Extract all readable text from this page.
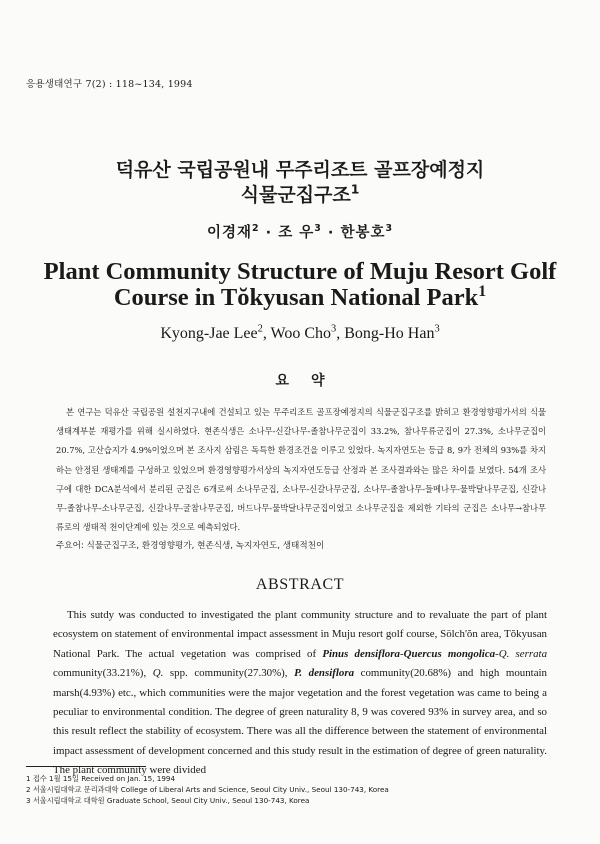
응용생태연구 7(2) : 118~134, 1994
덕유산 국립공원내 무주리조트 골프장예정지
식물군집구조$^1$
이경재$^2$ · 조 우$^3$ · 한봉호$^3$
Plant Community Structure of Muju Resort Golf
Course in Tŏkyusan National Park$^1$
Kyong-Jae Lee$^2$, Woo Cho$^3$, Bong-Ho Han$^3$
요약

본 연구는 덕유산 국립공원 설천지구내에 건설되고 있는 무주리조트 골프장예정지의 식물군집구조를 밝히고 환경영향평가서의 식물생태계부분 재평가를 위해 실시하였다. 현존식생은 소나무-신갈나무-졸참나무군집이 33.2%, 참나무류군집이 27.3%, 소나무군집이 20.7%, 고산습지가 4.9%이었으며 본 조사지 삼림은 독특한 환경조건을 이루고 있었다. 녹지자연도는 등급 8, 9가 전체의 93%를 차지하는 안정된 생태계를 구성하고 있었으며 환경영향평가서상의 녹지자연도등급 산정과 본 조사결과와는 많은 차이를 보였다. 54개 조사구에 대한 DCA분석에서 분리된 군집은 6개로써 소나무군집, 소나무-신갈나무군집, 소나무-졸참나무-들메나무-물박달나무군집, 신갈나무-졸참나무-소나무군집, 신갈나무-굴참나무군집, 버드나무-물박달나무군집이었고 소나무군집을 제외한 기타의 군집은 소나무→참나무류로의 생태적 천이단계에 있는 것으로 예측되었다.

주요어: 식물군집구조, 환경영향평가, 현존식생, 녹지자연도, 생태적천이
ABSTRACT

This sutdy was conducted to investigated the plant community structure and to revaluate the part of plant ecosystem on statement of environmental impact assessment in Muju resort golf course, Sölch'ŏn area, Tŏkyusan National Park. The actual vegetation was comprised of Pinus densiflora-Quercus mongolica-Q. serrata community(33.21%), Q. spp. community(27.30%), P. densiflora community(20.68%) and high mountain marsh(4.93%) etc., which communities were the major vegetation and the forest vegetation was came to being a peculiar to environmental condition. The degree of green naturality 8, 9 was covered 93% in survey area, and so this result reflect the stability of ecosystem. There was all the difference between the statement of environmental impact assessment of development concerned and this study result in the estimation of degree of green naturality. The plant community were divided

1 접수 1월 15일 Received on Jan. 15, 1994
2 서울시립대학교 문리과대학 College of Liberal Arts and Science, Seoul City Univ., Seoul 130-743, Korea
3 서울시립대학교 대학원 Graduate School, Seoul City Univ., Seoul 130-743, Korea
